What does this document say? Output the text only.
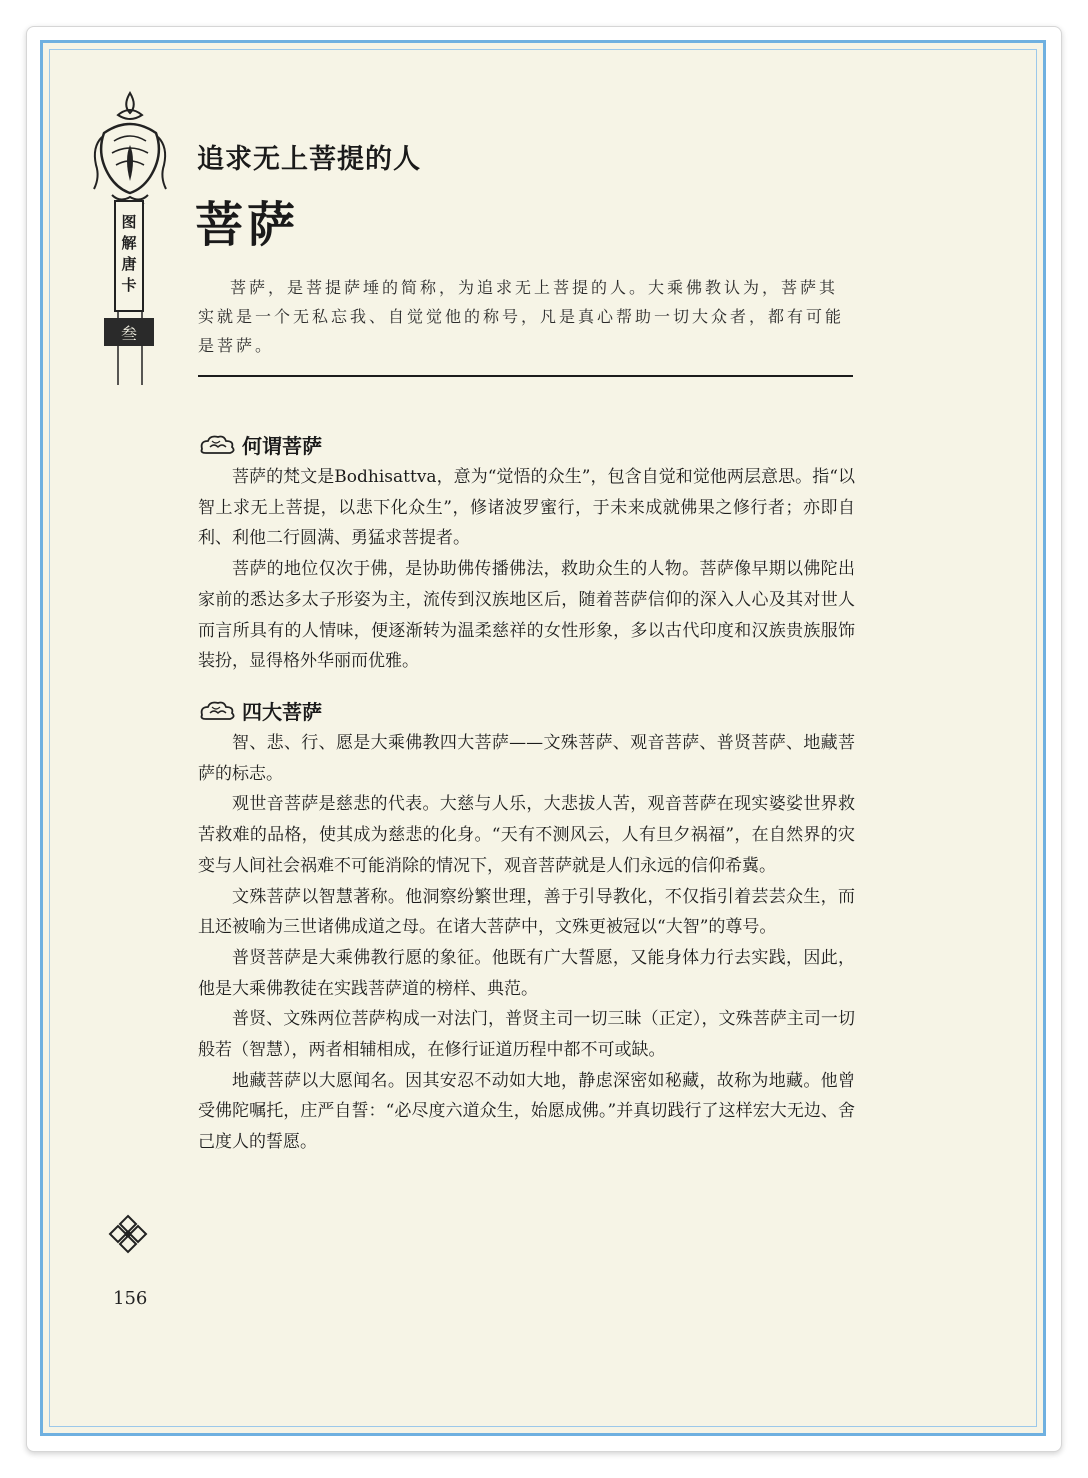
图解唐卡
叁
追求无上菩提的人
菩萨

菩萨，是菩提萨埵的简称，为追求无上菩提的人。大乘佛教认为，菩萨其实就是一个无私忘我、自觉觉他的称号，凡是真心帮助一切大众者，都有可能是菩萨。

何谓菩萨

菩萨的梵文是Bodhisattva，意为“觉悟的众生”，包含自觉和觉他两层意思。指“以智上求无上菩提，以悲下化众生”，修诸波罗蜜行，于未来成就佛果之修行者；亦即自利、利他二行圆满、勇猛求菩提者。

菩萨的地位仅次于佛，是协助佛传播佛法，救助众生的人物。菩萨像早期以佛陀出家前的悉达多太子形姿为主，流传到汉族地区后，随着菩萨信仰的深入人心及其对世人而言所具有的人情味，便逐渐转为温柔慈祥的女性形象，多以古代印度和汉族贵族服饰装扮，显得格外华丽而优雅。

四大菩萨

智、悲、行、愿是大乘佛教四大菩萨——文殊菩萨、观音菩萨、普贤菩萨、地藏菩萨的标志。

观世音菩萨是慈悲的代表。大慈与人乐，大悲拔人苦，观音菩萨在现实婆娑世界救苦救难的品格，使其成为慈悲的化身。“天有不测风云，人有旦夕祸福”，在自然界的灾变与人间社会祸难不可能消除的情况下，观音菩萨就是人们永远的信仰希冀。

文殊菩萨以智慧著称。他洞察纷繁世理，善于引导教化，不仅指引着芸芸众生，而且还被喻为三世诸佛成道之母。在诸大菩萨中，文殊更被冠以“大智”的尊号。

普贤菩萨是大乘佛教行愿的象征。他既有广大誓愿，又能身体力行去实践，因此，他是大乘佛教徒在实践菩萨道的榜样、典范。

普贤、文殊两位菩萨构成一对法门，普贤主司一切三昧（正定），文殊菩萨主司一切般若（智慧），两者相辅相成，在修行证道历程中都不可或缺。

地藏菩萨以大愿闻名。因其安忍不动如大地，静虑深密如秘藏，故称为地藏。他曾受佛陀嘱托，庄严自誓：“必尽度六道众生，始愿成佛。”并真切践行了这样宏大无边、舍己度人的誓愿。

156
